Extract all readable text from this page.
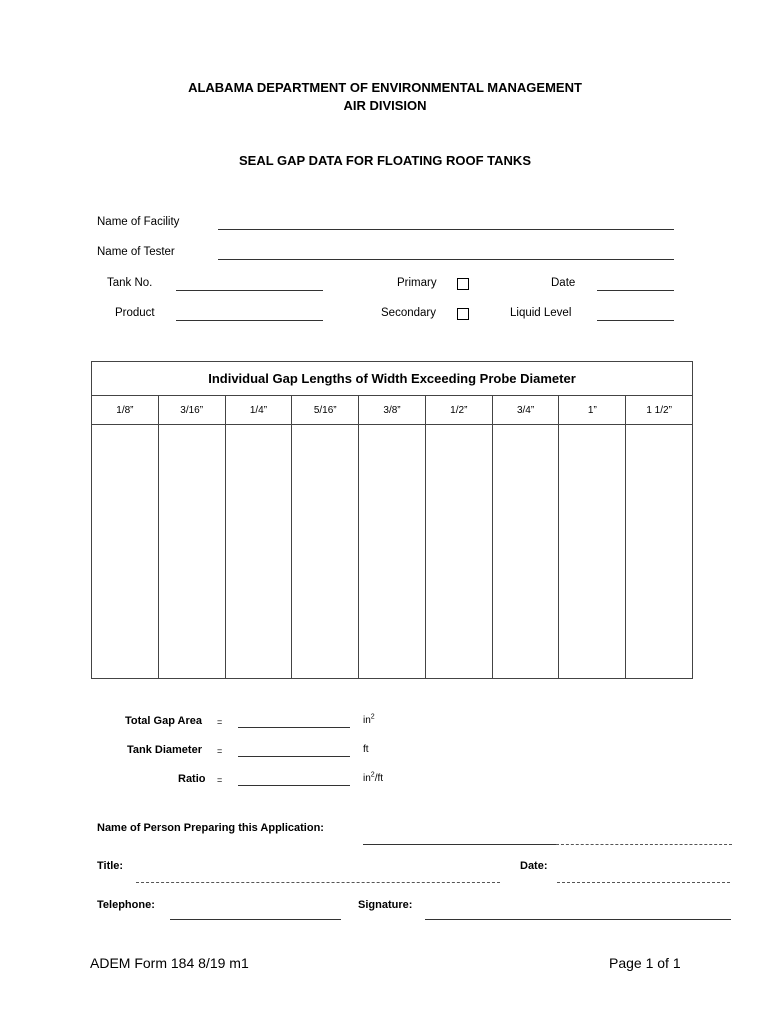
ALABAMA DEPARTMENT OF ENVIRONMENTAL MANAGEMENT
AIR DIVISION
SEAL GAP DATA FOR FLOATING ROOF TANKS
Name of Facility
Name of Tester
Tank No.	Primary	Date
Product	Secondary	Liquid Level
Individual Gap Lengths of Width Exceeding Probe Diameter
1/8”	3/16”	1/4”	5/16”	3/8”	1/2”	3/4”	1”	1 1/2”
Total Gap Area =	$in^2$
Tank Diameter =	ft
Ratio =	$in^2/ft$
Name of Person Preparing this Application:
Title:	Date:
Telephone:	Signature:
ADEM Form 184 8/19 m1	Page 1 of 1
